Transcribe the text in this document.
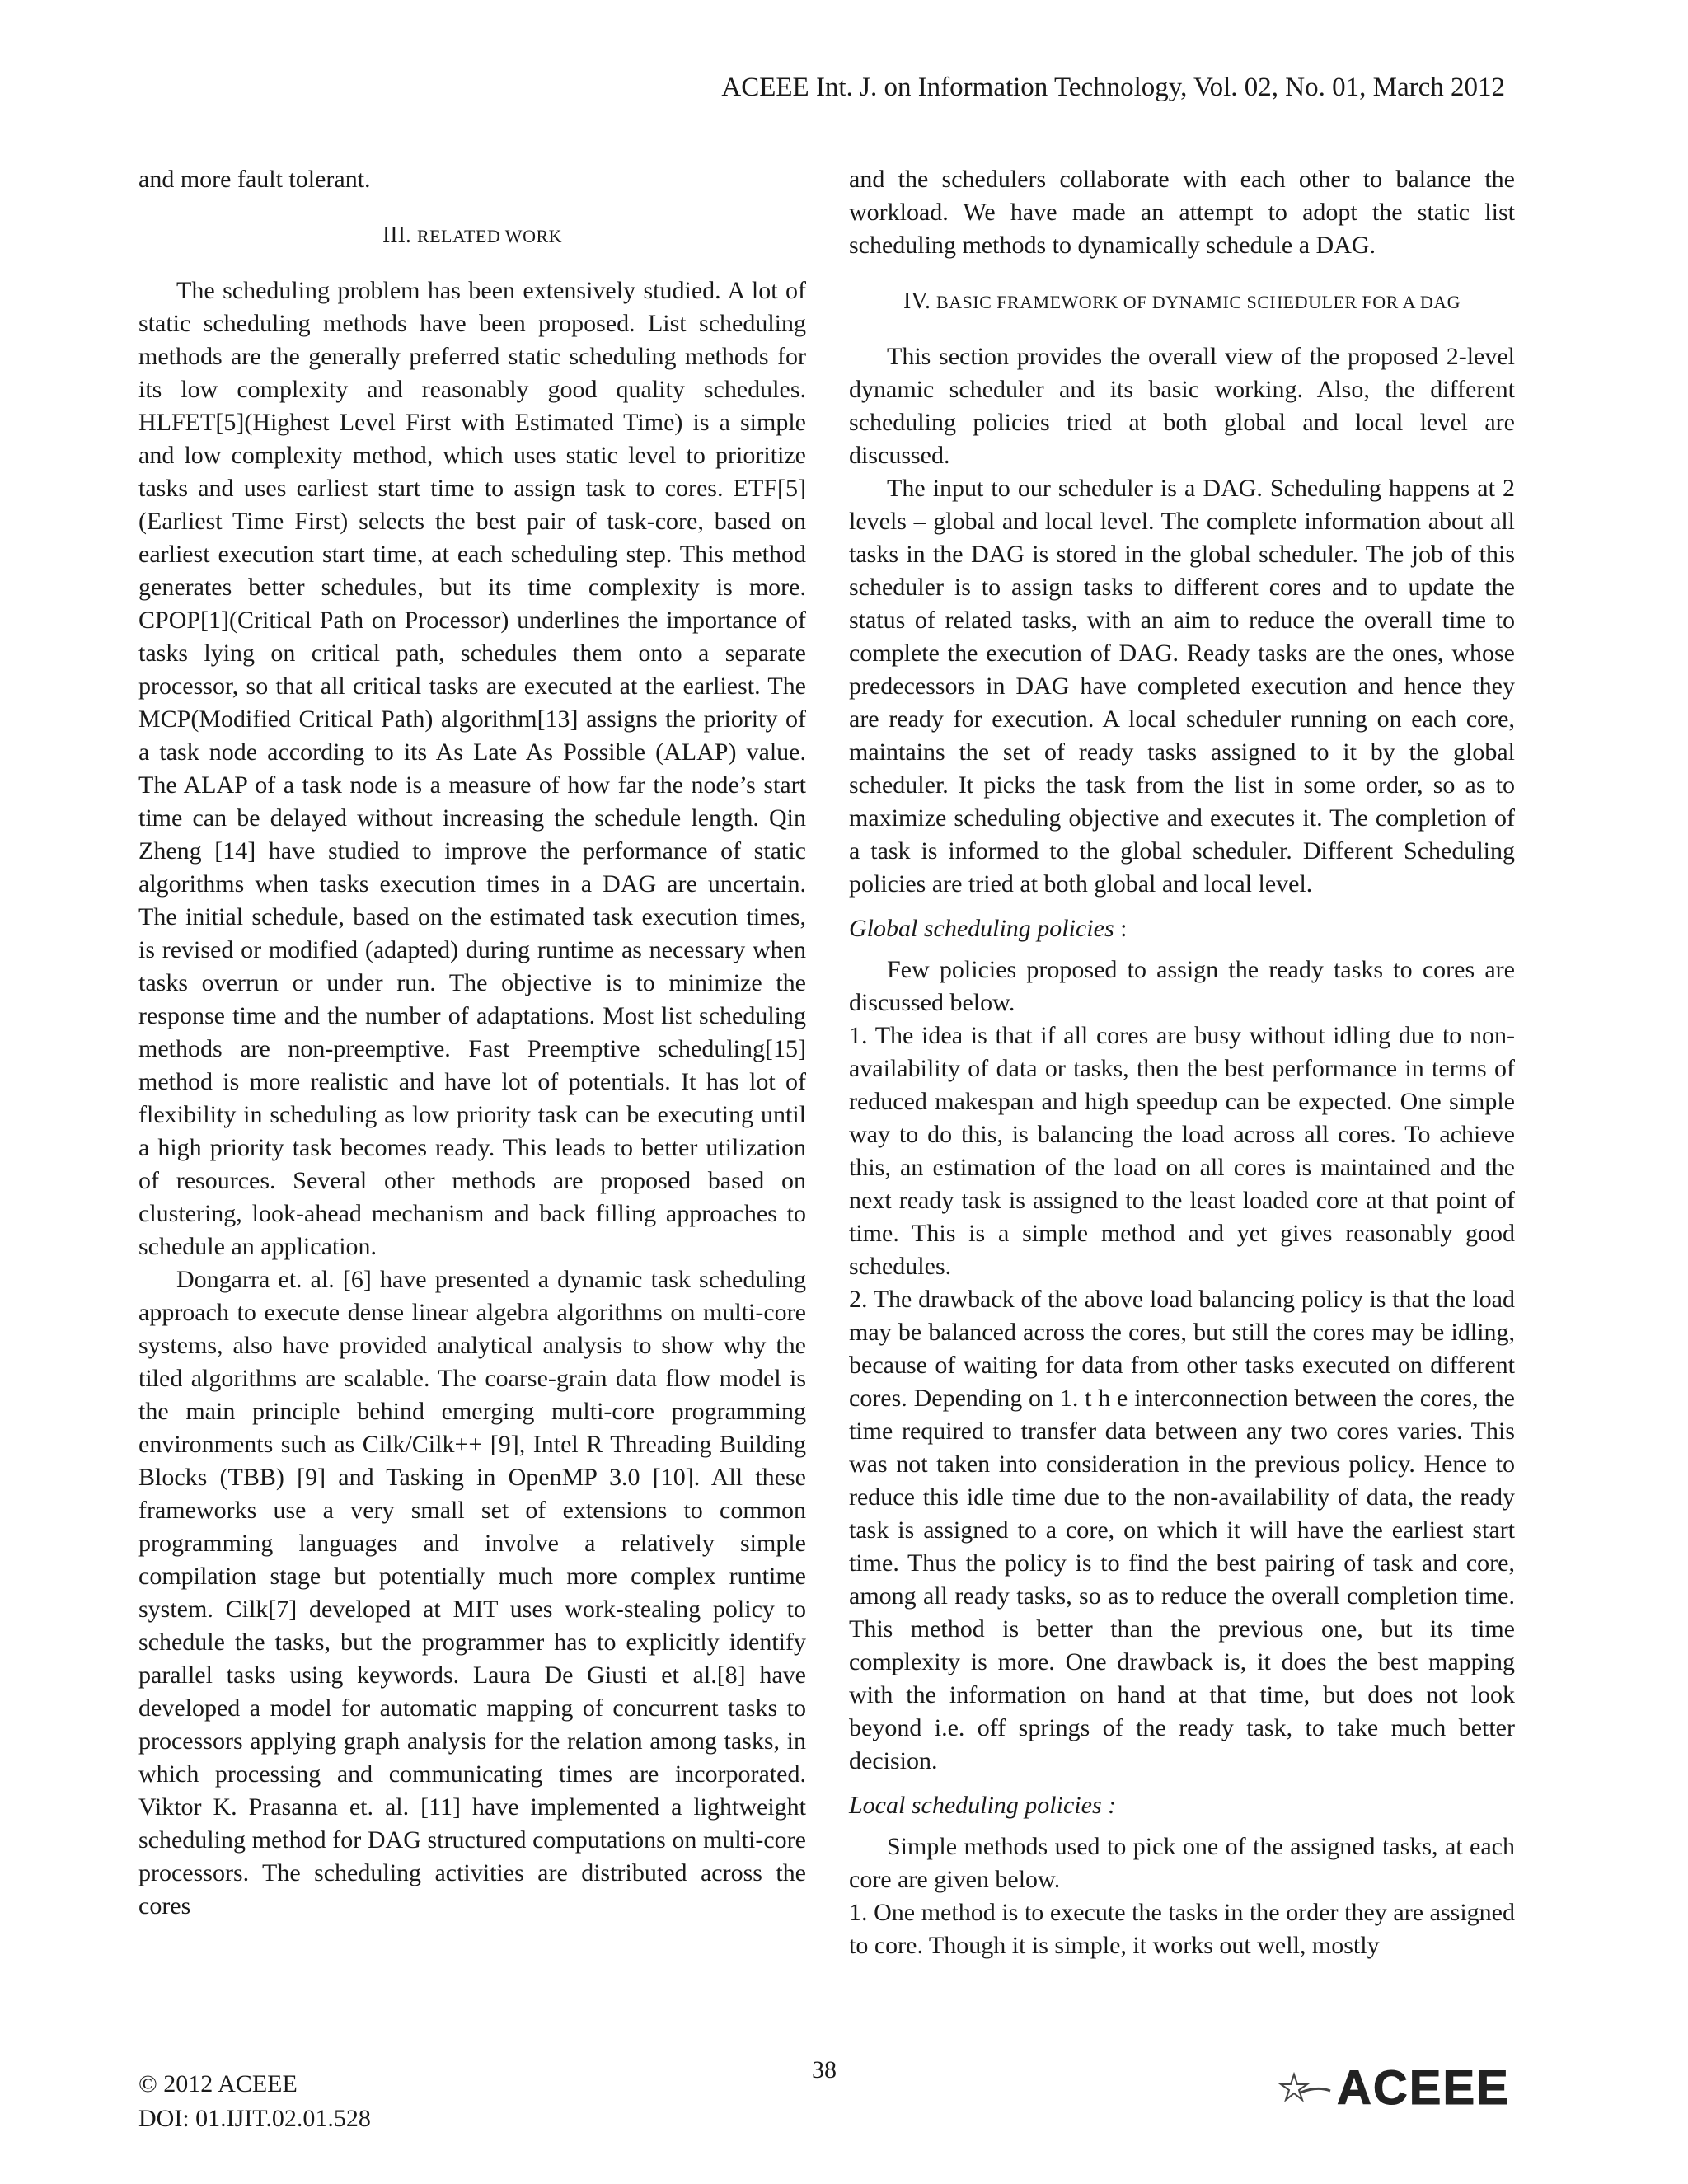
ACEEE Int. J. on Information Technology, Vol. 02, No. 01, March 2012

and more fault tolerant.

III. RELATED WORK

The scheduling problem has been extensively studied. A lot of static scheduling methods have been proposed. List scheduling methods are the generally preferred static scheduling methods for its low complexity and reasonably good quality schedules. HLFET[5](Highest Level First with Estimated Time) is a simple and low complexity method, which uses static level to prioritize tasks and uses earliest start time to assign task to cores. ETF[5] (Earliest Time First) selects the best pair of task-core, based on earliest execution start time, at each scheduling step. This method generates better schedules, but its time complexity is more. CPOP[1](Critical Path on Processor) underlines the importance of tasks lying on critical path, schedules them onto a separate processor, so that all critical tasks are executed at the earliest. The MCP(Modified Critical Path) algorithm[13] assigns the priority of a task node according to its As Late As Possible (ALAP) value. The ALAP of a task node is a measure of how far the node’s start time can be delayed without increasing the schedule length. Qin Zheng [14] have studied to improve the performance of static algorithms when tasks execution times in a DAG are uncertain. The initial schedule, based on the estimated task execution times, is revised or modified (adapted) during runtime as necessary when tasks overrun or under run. The objective is to minimize the response time and the number of adaptations. Most list scheduling methods are non-preemptive. Fast Preemptive scheduling[15] method is more realistic and have lot of potentials. It has lot of flexibility in scheduling as low priority task can be executing until a high priority task becomes ready. This leads to better utilization of resources. Several other methods are proposed based on clustering, look-ahead mechanism and back filling approaches to schedule an application.

Dongarra et. al. [6] have presented a dynamic task scheduling approach to execute dense linear algebra algorithms on multi-core systems, also have provided analytical analysis to show why the tiled algorithms are scalable. The coarse-grain data flow model is the main principle behind emerging multi-core programming environments such as Cilk/Cilk++ [9], Intel R Threading Building Blocks (TBB) [9] and Tasking in OpenMP 3.0 [10]. All these frameworks use a very small set of extensions to common programming languages and involve a relatively simple compilation stage but potentially much more complex runtime system. Cilk[7] developed at MIT uses work-stealing policy to schedule the tasks, but the programmer has to explicitly identify parallel tasks using keywords. Laura De Giusti et al.[8] have developed a model for automatic mapping of concurrent tasks to processors applying graph analysis for the relation among tasks, in which processing and communicating times are incorporated. Viktor K. Prasanna et. al. [11] have implemented a lightweight scheduling method for DAG structured computations on multi-core processors. The scheduling activities are distributed across the cores

and the schedulers collaborate with each other to balance the workload. We have made an attempt to adopt the static list scheduling methods to dynamically schedule a DAG.

IV. BASIC FRAMEWORK OF DYNAMIC SCHEDULER FOR A DAG

This section provides the overall view of the proposed 2-level dynamic scheduler and its basic working. Also, the different scheduling policies tried at both global and local level are discussed.

The input to our scheduler is a DAG. Scheduling happens at 2 levels – global and local level. The complete information about all tasks in the DAG is stored in the global scheduler. The job of this scheduler is to assign tasks to different cores and to update the status of related tasks, with an aim to reduce the overall time to complete the execution of DAG. Ready tasks are the ones, whose predecessors in DAG have completed execution and hence they are ready for execution. A local scheduler running on each core, maintains the set of ready tasks assigned to it by the global scheduler. It picks the task from the list in some order, so as to maximize scheduling objective and executes it. The completion of a task is informed to the global scheduler. Different Scheduling policies are tried at both global and local level.

Global scheduling policies :

Few policies proposed to assign the ready tasks to cores are discussed below.

1. The idea is that if all cores are busy without idling due to non-availability of data or tasks, then the best performance in terms of reduced makespan and high speedup can be expected. One simple way to do this, is balancing the load across all cores. To achieve this, an estimation of the load on all cores is maintained and the next ready task is assigned to the least loaded core at that point of time. This is a simple method and yet gives reasonably good schedules.

2. The drawback of the above load balancing policy is that the load may be balanced across the cores, but still the cores may be idling, because of waiting for data from other tasks executed on different cores. Depending on 1. t h e interconnection between the cores, the time required to transfer data between any two cores varies. This was not taken into consideration in the previous policy. Hence to reduce this idle time due to the non-availability of data, the ready task is assigned to a core, on which it will have the earliest start time. Thus the policy is to find the best pairing of task and core, among all ready tasks, so as to reduce the overall completion time. This method is better than the previous one, but its time complexity is more. One drawback is, it does the best mapping with the information on hand at that time, but does not look beyond i.e. off springs of the ready task, to take much better decision.

Local scheduling policies :

Simple methods used to pick one of the assigned tasks, at each core are given below.

1. One method is to execute the tasks in the order they are assigned to core. Though it is simple, it works out well, mostly

© 2012 ACEEE
DOI: 01.IJIT.02.01.528
38	ACEEE
